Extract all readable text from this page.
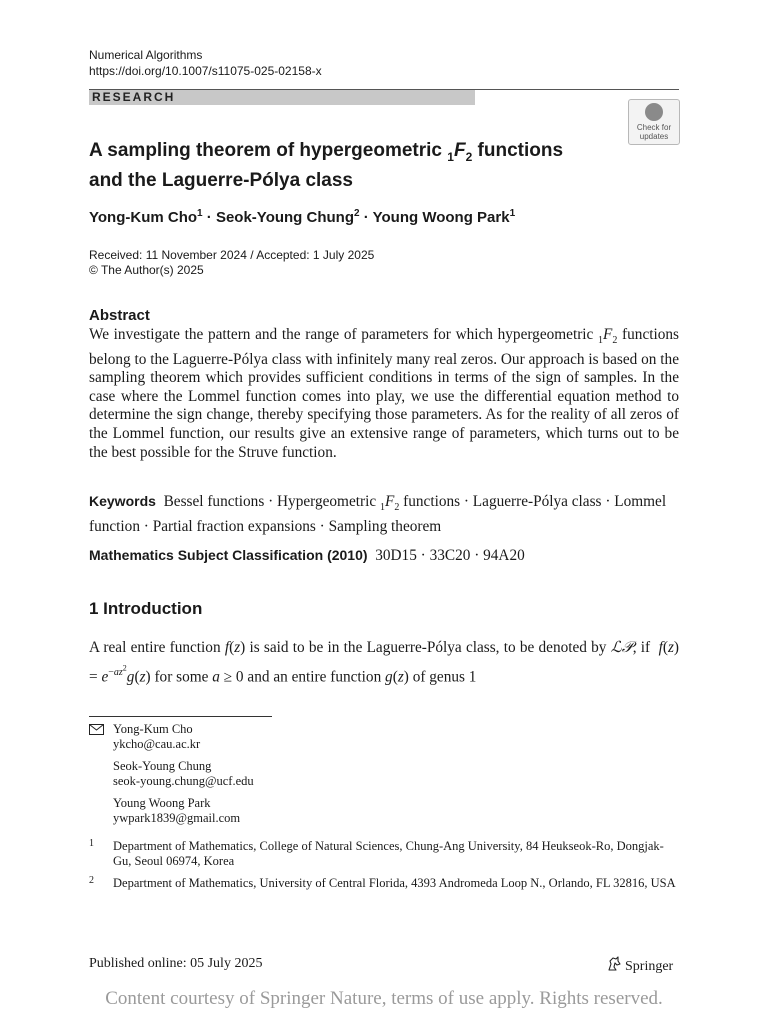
Numerical Algorithms
https://doi.org/10.1007/s11075-025-02158-x
RESEARCH
Check for updates
A sampling theorem of hypergeometric $_1F_2$ functions
and the Laguerre-Pólya class
Yong-Kum Cho$^1$ · Seok-Young Chung$^2$ · Young Woong Park$^1$
Received: 11 November 2024 / Accepted: 1 July 2025
© The Author(s) 2025
Abstract
We investigate the pattern and the range of parameters for which hypergeometric $_1F_2$ functions belong to the Laguerre-Pólya class with infinitely many real zeros. Our approach is based on the sampling theorem which provides sufficient conditions in terms of the sign of samples. In the case where the Lommel function comes into play, we use the differential equation method to determine the sign change, thereby specifying those parameters. As for the reality of all zeros of the Lommel function, our results give an extensive range of parameters, which turns out to be the best possible for the Struve function.
Keywords Bessel functions · Hypergeometric $_1F_2$ functions · Laguerre-Pólya class · Lommel function · Partial fraction expansions · Sampling theorem
Mathematics Subject Classification (2010) 30D15 · 33C20 · 94A20
1 Introduction
A real entire function f(z) is said to be in the Laguerre-Pólya class, to be denoted by ℒ𝒫, if  $f(z) = e^{-az^2}g(z)$ for some a ≥ 0 and an entire function g(z) of genus 1
Yong-Kum Cho
ykcho@cau.ac.kr
Seok-Young Chung
seok-young.chung@ucf.edu
Young Woong Park
ywpark1839@gmail.com
1 Department of Mathematics, College of Natural Sciences, Chung-Ang University, 84 Heukseok-Ro, Dongjak-Gu, Seoul 06974, Korea
2 Department of Mathematics, University of Central Florida, 4393 Andromeda Loop N., Orlando, FL 32816, USA
Published online: 05 July 2025	Springer
Content courtesy of Springer Nature, terms of use apply. Rights reserved.
